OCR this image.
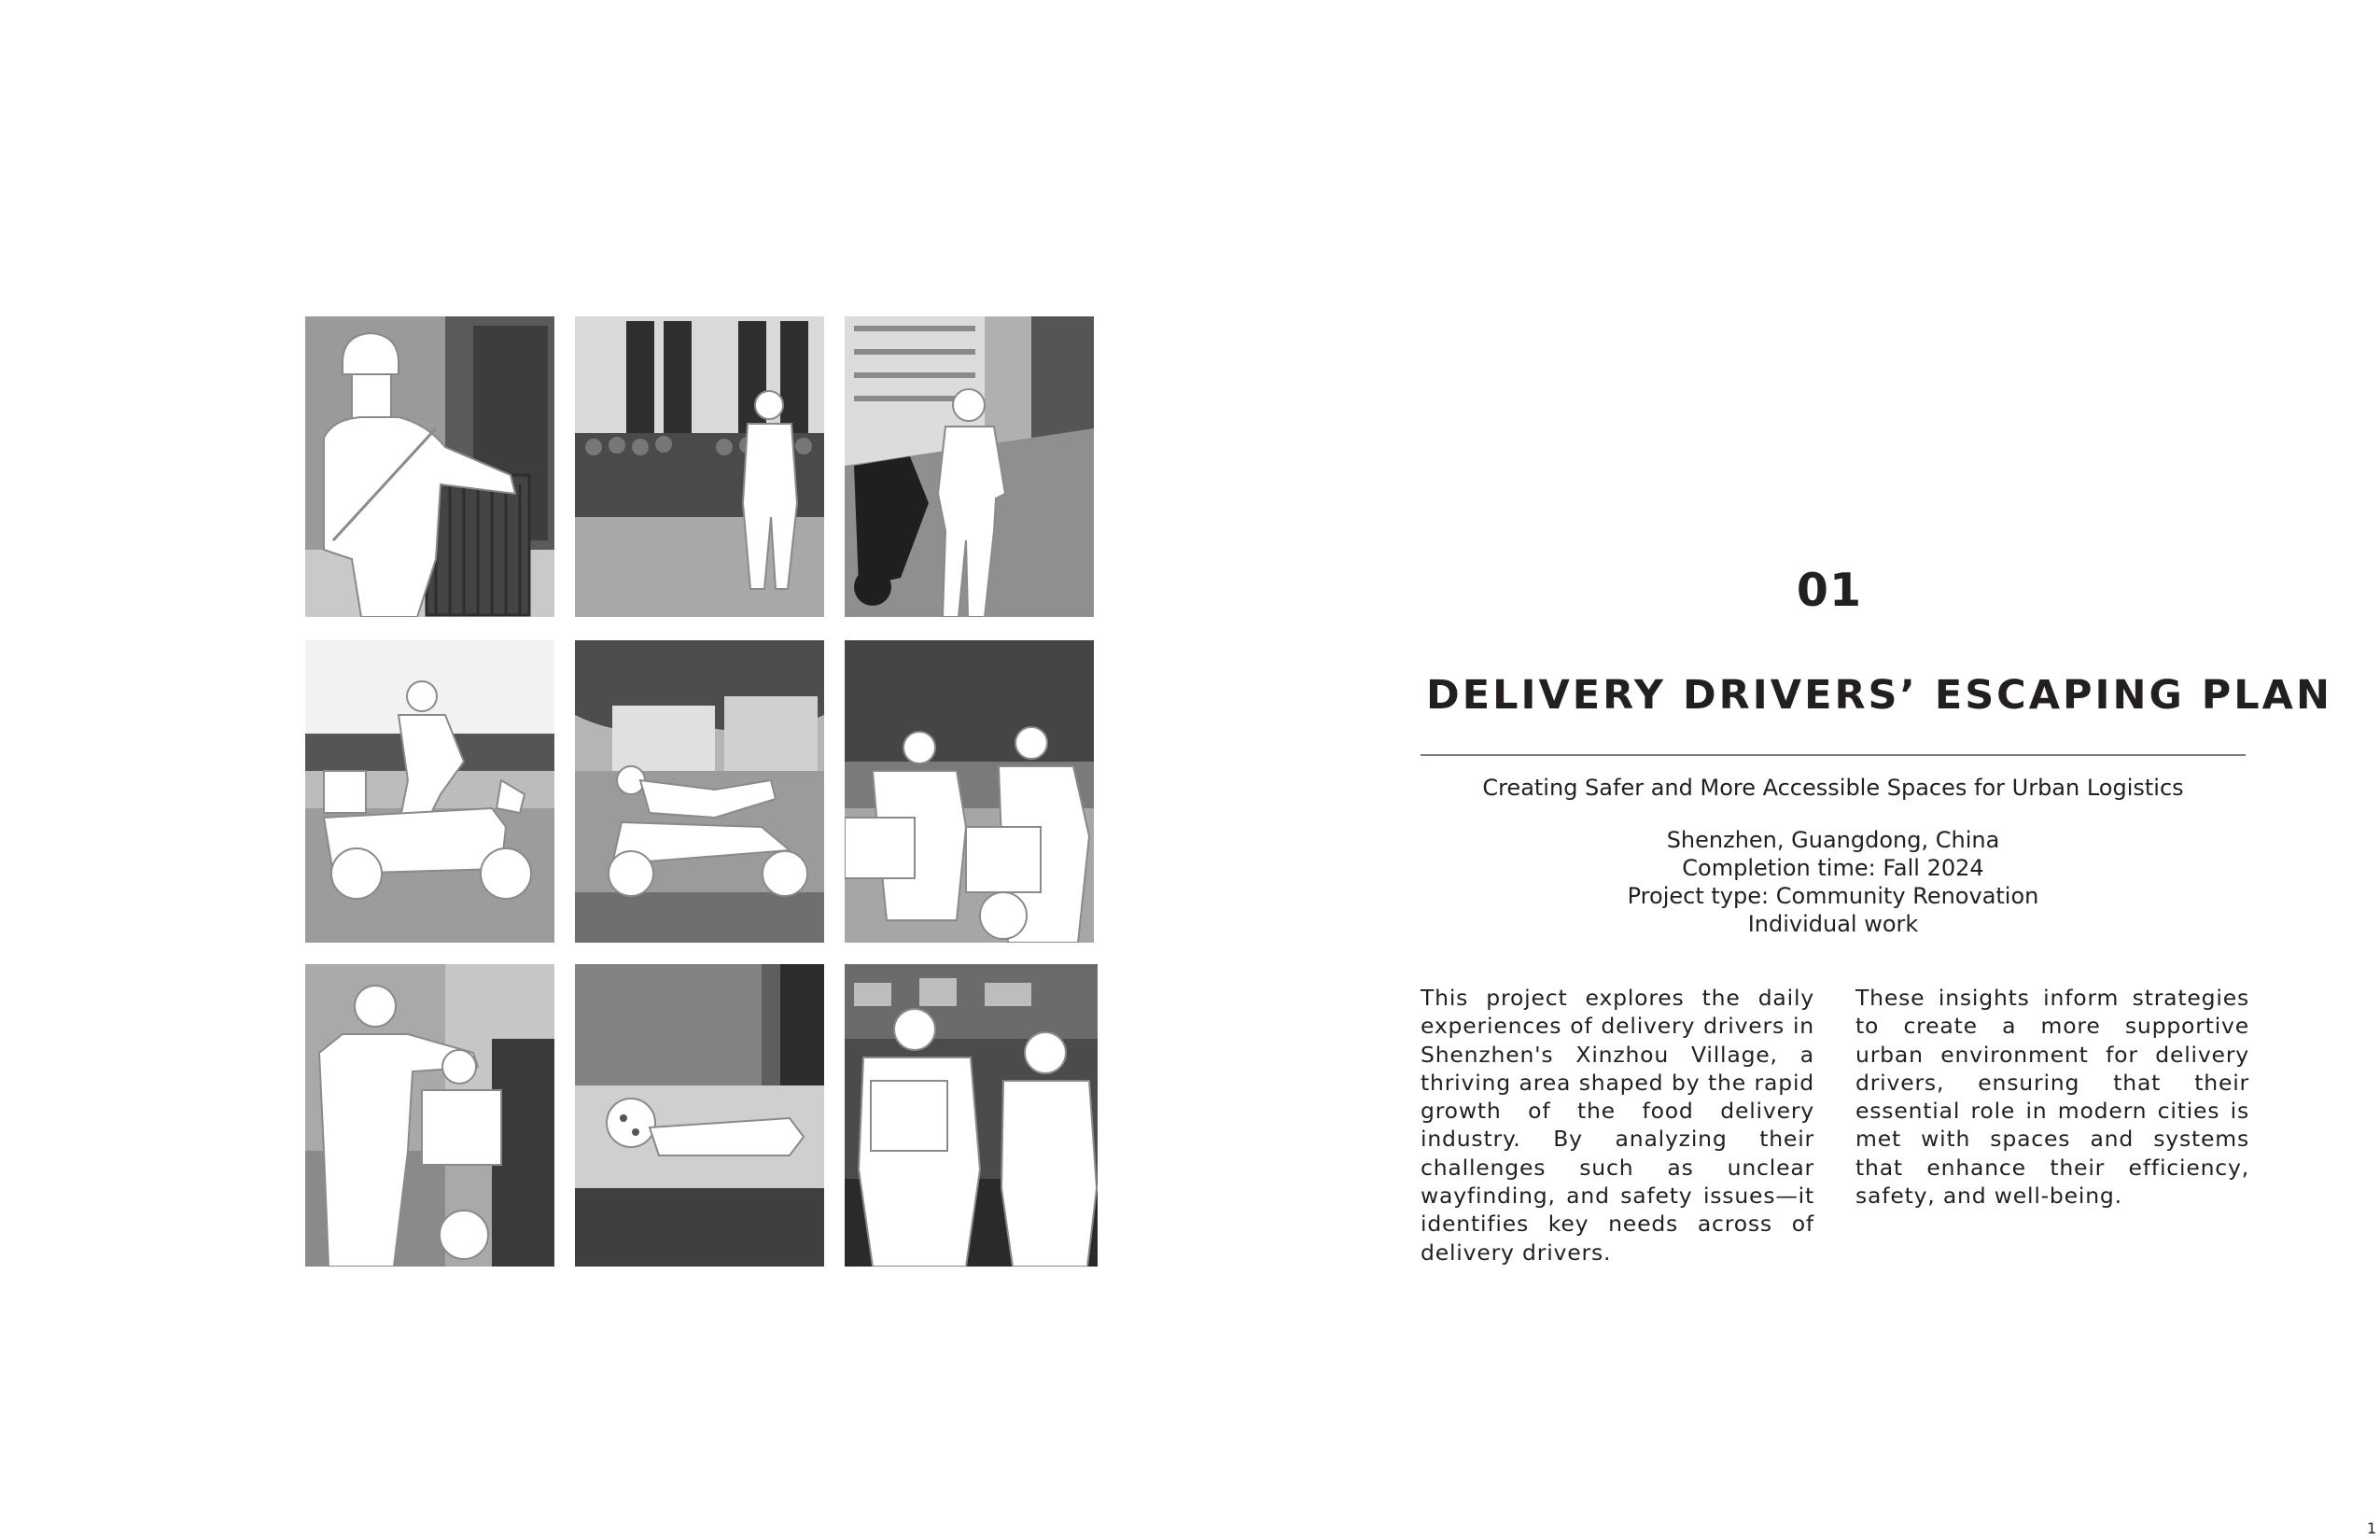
01
DELIVERY DRIVERS’ ESCAPING PLAN
Creating Safer and More Accessible Spaces for Urban Logistics
Shenzhen, Guangdong, China
Completion time: Fall 2024
Project type: Community Renovation
Individual work
This project explores the daily experiences of delivery drivers in Shenzhen's Xinzhou Village, a thriving area shaped by the rapid growth of the food delivery industry. By analyzing their challenges such as unclear wayfinding, and safety issues—it identifies key needs across of delivery drivers.
These insights inform strategies to create a more supportive urban environment for delivery drivers, ensuring that their essential role in modern cities is met with spaces and systems that enhance their efficiency, safety, and well-being.
1
